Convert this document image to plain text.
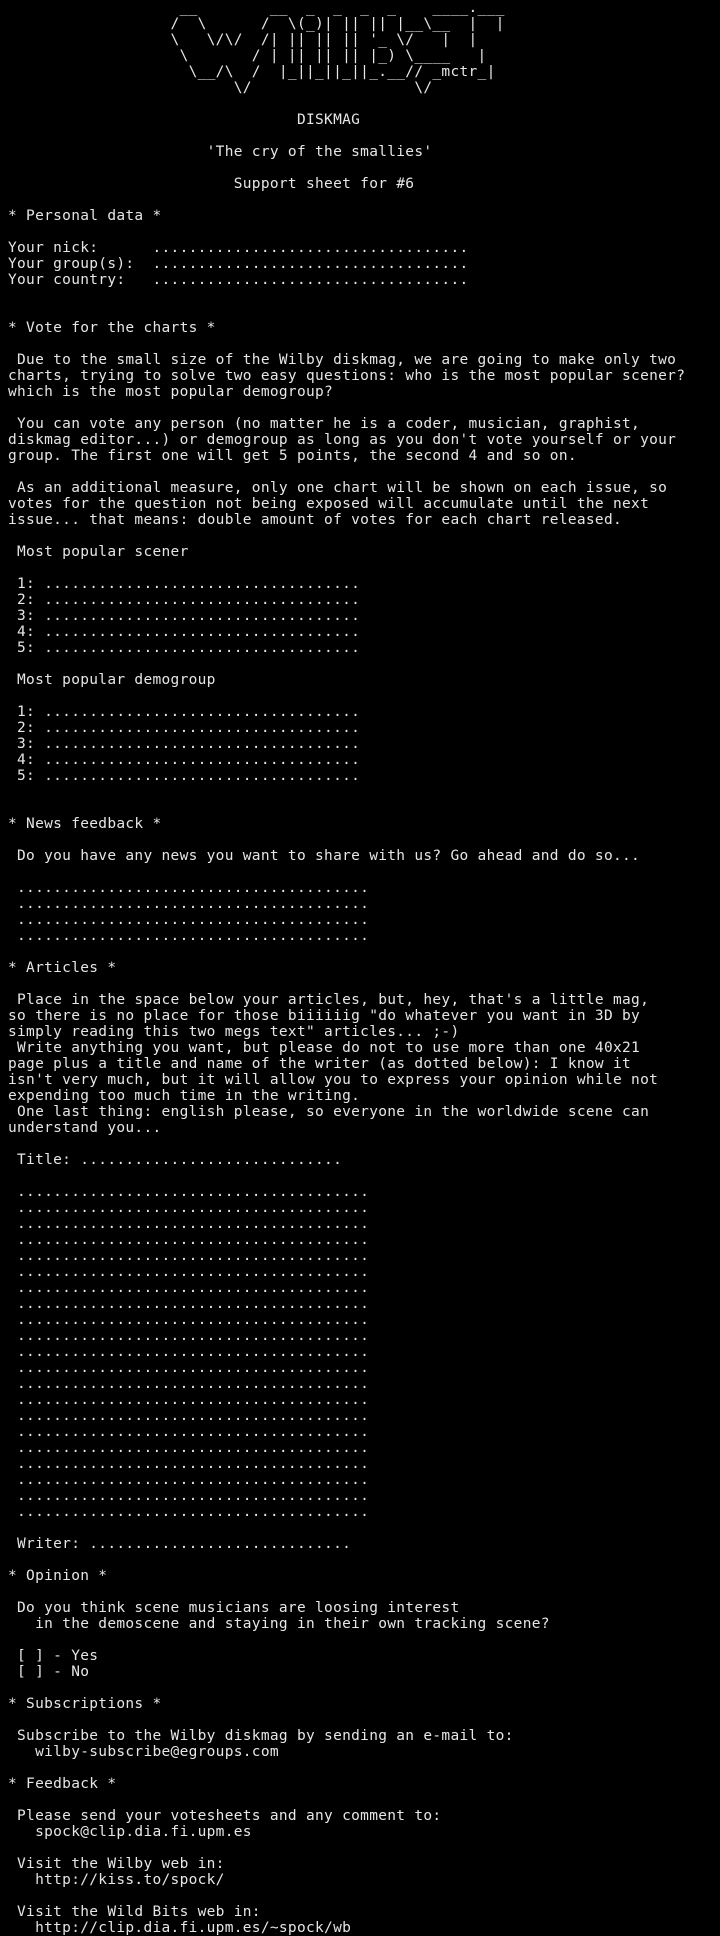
__        __  _  _  _  _    ____.___
/  \      /  \(_)| || || |__\__  |  |
\   \/\/  /| || || || '_ \/   |  |
\       / | || || || |_) \____   |
\__/\  /  |_||_||_||_.__// _mctr_|
\/                  \/
DISKMAG
'The cry of the smallies'
Support sheet for #6
* Personal data *
Your nick:      ...................................
Your group(s):  ...................................
Your country:   ...................................
* Vote for the charts *
Due to the small size of the Wilby diskmag, we are going to make only two
charts, trying to solve two easy questions: who is the most popular scener?
which is the most popular demogroup?
You can vote any person (no matter he is a coder, musician, graphist,
diskmag editor...) or demogroup as long as you don't vote yourself or your
group. The first one will get 5 points, the second 4 and so on.
As an additional measure, only one chart will be shown on each issue, so
votes for the question not being exposed will accumulate until the next
issue... that means: double amount of votes for each chart released.
Most popular scener
1: ...................................
2: ...................................
3: ...................................
4: ...................................
5: ...................................
Most popular demogroup
1: ...................................
2: ...................................
3: ...................................
4: ...................................
5: ...................................
* News feedback *
Do you have any news you want to share with us? Go ahead and do so...
.......................................
.......................................
.......................................
.......................................
* Articles *
Place in the space below your articles, but, hey, that's a little mag,
so there is no place for those biiiiiig "do whatever you want in 3D by
simply reading this two megs text" articles... ;-)
Write anything you want, but please do not to use more than one 40x21
page plus a title and name of the writer (as dotted below): I know it
isn't very much, but it will allow you to express your opinion while not
expending too much time in the writing.
One last thing: english please, so everyone in the worldwide scene can
understand you...
Title: .............................
.......................................
.......................................
.......................................
.......................................
.......................................
.......................................
.......................................
.......................................
.......................................
.......................................
.......................................
.......................................
.......................................
.......................................
.......................................
.......................................
.......................................
.......................................
.......................................
.......................................
.......................................
Writer: .............................
* Opinion *
Do you think scene musicians are loosing interest
in the demoscene and staying in their own tracking scene?
[ ] - Yes
[ ] - No
* Subscriptions *
Subscribe to the Wilby diskmag by sending an e-mail to:
wilby-subscribe@egroups.com
* Feedback *
Please send your votesheets and any comment to:
spock@clip.dia.fi.upm.es
Visit the Wilby web in:
http://kiss.to/spock/
Visit the Wild Bits web in:
http://clip.dia.fi.upm.es/~spock/wb
